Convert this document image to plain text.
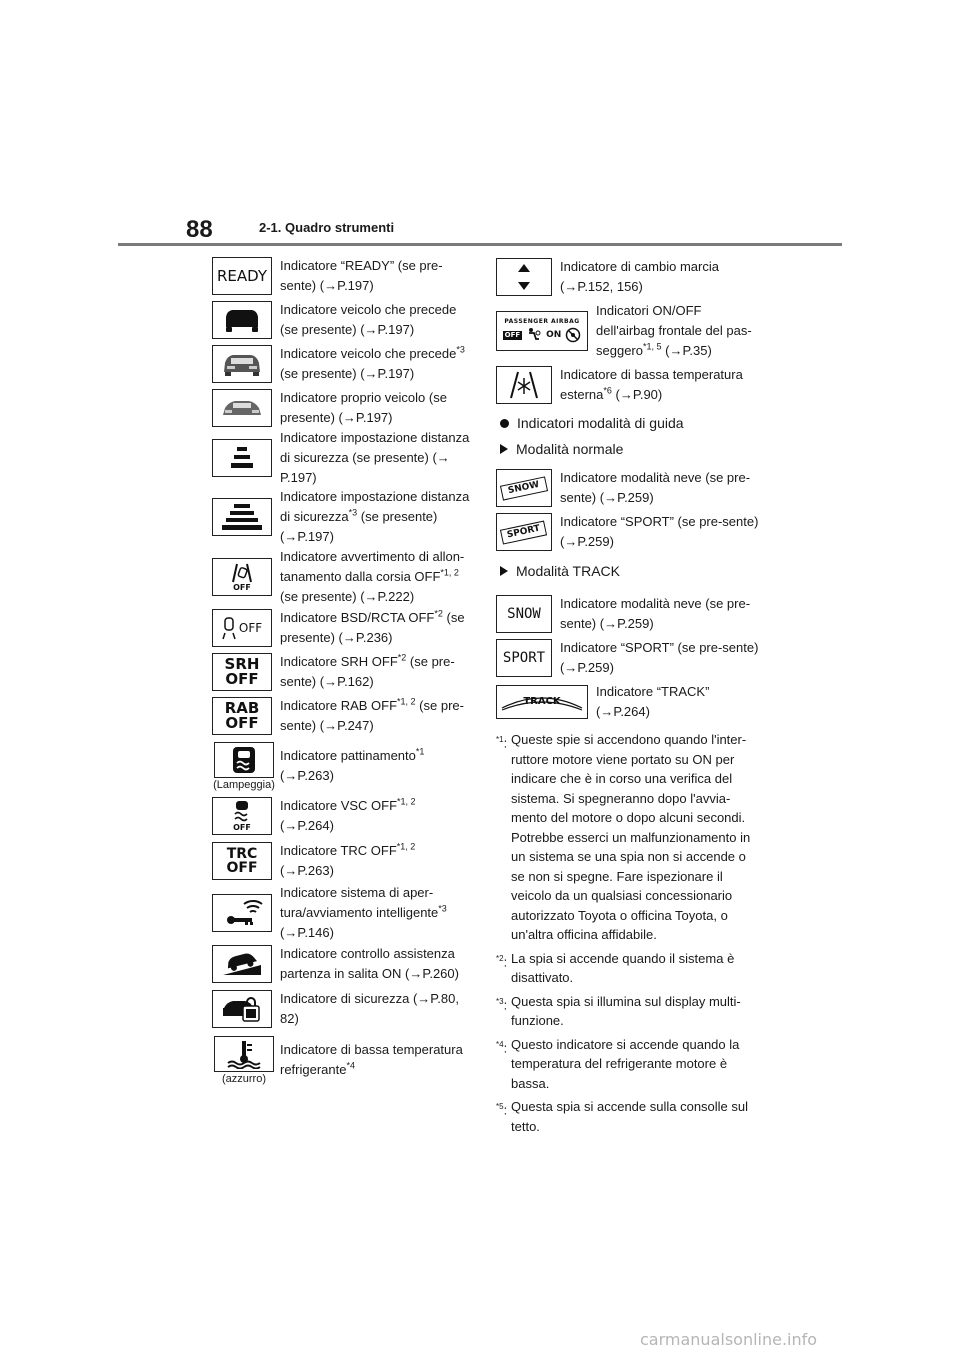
88	2-1. Quadro strumenti
READY
Indicatore “READY” (se pre-sente) (→P.197)
Indicatore veicolo che precede (se presente) (→P.197)
Indicatore veicolo che precede$^{*3}$
(se presente) (→P.197)
Indicatore proprio veicolo (se presente) (→P.197)
Indicatore impostazione distanza di sicurezza (se presente) (→ P.197)
Indicatore impostazione distanza di sicurezza$^{*3}$ (se presente) (→P.197)
OFF
Indicatore avvertimento di allon-tanamento dalla corsia OFF$^{*1, 2}$
(se presente) (→P.222)
OFF
Indicatore BSD/RCTA OFF$^{*2}$ (se presente) (→P.236)
SRH OFF
Indicatore SRH OFF$^{*2}$ (se pre-sente) (→P.162)
RAB OFF
Indicatore RAB OFF$^{*1, 2}$ (se pre-sente) (→P.247)
(Lampeggia)
Indicatore pattinamento$^{*1}$
(→P.263)
OFF
Indicatore VSC OFF$^{*1, 2}$
(→P.264)
TRC OFF
Indicatore TRC OFF$^{*1, 2}$
(→P.263)
Indicatore sistema di aper-tura/avviamento intelligente$^{*3}$
(→P.146)
Indicatore controllo assistenza partenza in salita ON (→P.260)
Indicatore di sicurezza (→P.80, 82)
(azzurro)
Indicatore di bassa temperatura refrigerante$^{*4}$
Indicatore di cambio marcia (→P.152, 156)
PASSENGER AIRBAG
OFF	ON
Indicatori ON/OFF dell'airbag frontale del pas-seggero$^{*1, 5}$ (→P.35)
Indicatore di bassa temperatura esterna$^{*6}$ (→P.90)
Indicatori modalità di guida
Modalità normale
SNOW
Indicatore modalità neve (se pre-sente) (→P.259)
SPORT
Indicatore “SPORT” (se pre-sente) (→P.259)
Modalità TRACK
SNOW
Indicatore modalità neve (se pre-sente) (→P.259)
SPORT
Indicatore “SPORT” (se pre-sente) (→P.259)
TRACK
Indicatore “TRACK” (→P.264)
$^{*1}$: Queste spie si accendono quando l'inter-ruttore motore viene portato su ON per indicare che è in corso una verifica del sistema. Si spegneranno dopo l'avvia-mento del motore o dopo alcuni secondi. Potrebbe esserci un malfunzionamento in un sistema se una spia non si accende o se non si spegne. Fare ispezionare il veicolo da un qualsiasi concessionario autorizzato Toyota o officina Toyota, o un'altra officina affidabile.
$^{*2}$: La spia si accende quando il sistema è disattivato.
$^{*3}$: Questa spia si illumina sul display multi-funzione.
$^{*4}$: Questo indicatore si accende quando la temperatura del refrigerante motore è bassa.
$^{*5}$: Questa spia si accende sulla consolle sul tetto.
carmanualsonline.info
